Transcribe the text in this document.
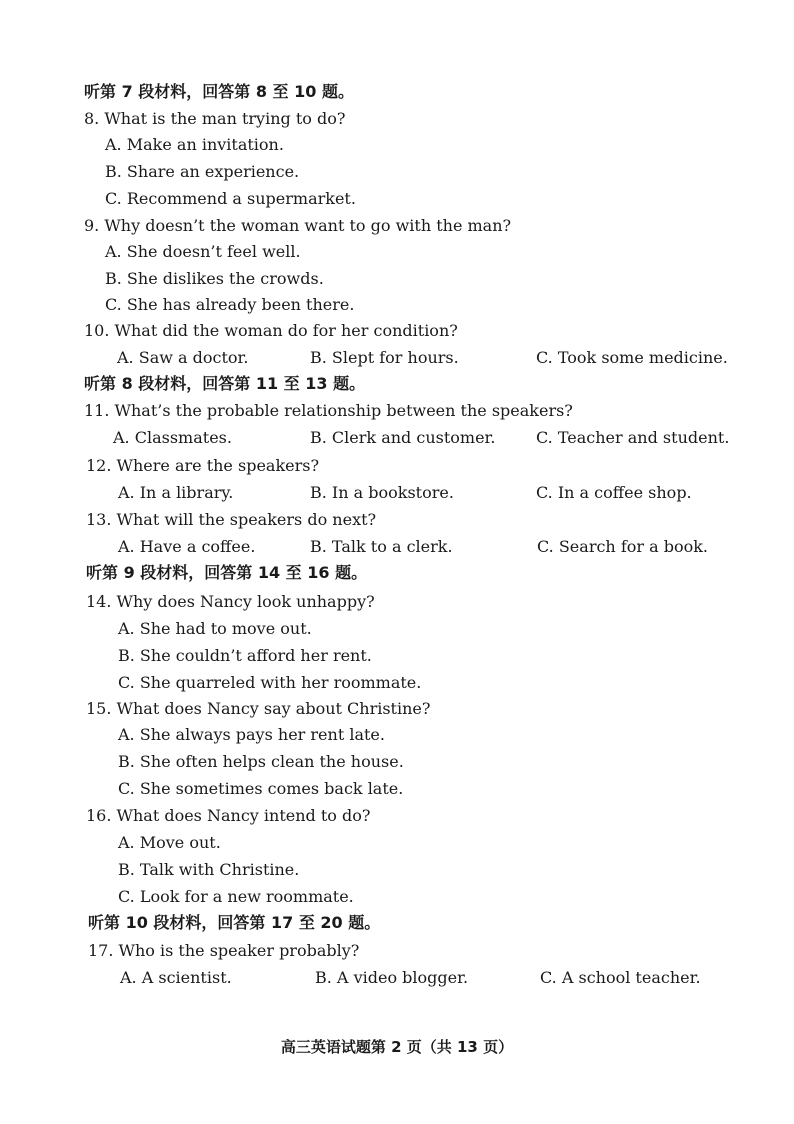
听第 7 段材料，回答第 8 至 10 题。
8. What is the man trying to do?
A. Make an invitation.
B. Share an experience.
C. Recommend a supermarket.
9. Why doesn’t the woman want to go with the man?
A. She doesn’t feel well.
B. She dislikes the crowds.
C. She has already been there.
10. What did the woman do for her condition?
A. Saw a doctor.	B. Slept for hours.	C. Took some medicine.
听第 8 段材料，回答第 11 至 13 题。
11. What’s the probable relationship between the speakers?
A. Classmates.	B. Clerk and customer.	C. Teacher and student.
12. Where are the speakers?
A. In a library.	B. In a bookstore.	C. In a coffee shop.
13. What will the speakers do next?
A. Have a coffee.	B. Talk to a clerk.	C. Search for a book.
听第 9 段材料，回答第 14 至 16 题。
14. Why does Nancy look unhappy?
A. She had to move out.
B. She couldn’t afford her rent.
C. She quarreled with her roommate.
15. What does Nancy say about Christine?
A. She always pays her rent late.
B. She often helps clean the house.
C. She sometimes comes back late.
16. What does Nancy intend to do?
A. Move out.
B. Talk with Christine.
C. Look for a new roommate.
听第 10 段材料，回答第 17 至 20 题。
17. Who is the speaker probably?
A. A scientist.	B. A video blogger.	C. A school teacher.
高三英语试题第 2 页（共 13 页）
